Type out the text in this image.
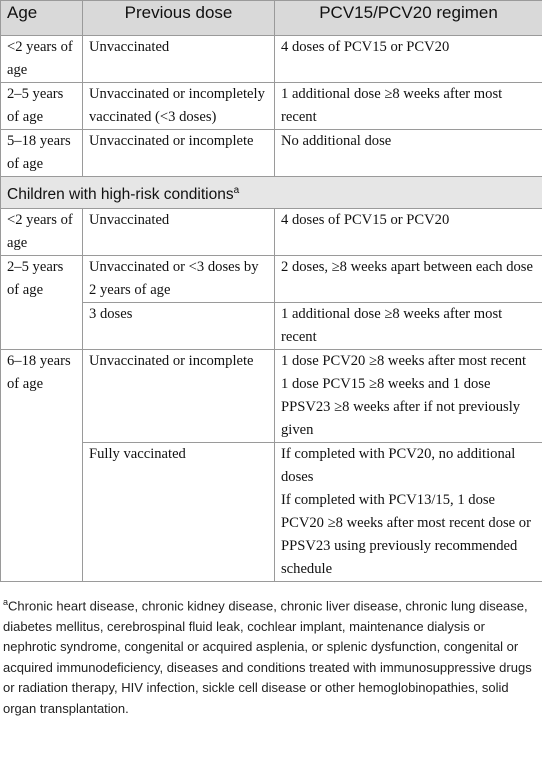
Age	Previous dose	PCV15/PCV20 regimen
<2 years of age	Unvaccinated	4 doses of PCV15 or PCV20
2–5 years of age	Unvaccinated or incompletely vaccinated (<3 doses)	1 additional dose ≥8 weeks after most recent
5–18 years of age	Unvaccinated or incomplete	No additional dose
Children with high-risk conditions$^a$
<2 years of age	Unvaccinated	4 doses of PCV15 or PCV20
2–5 years of age	Unvaccinated or <3 doses by 2 years of age	2 doses, ≥8 weeks apart between each dose
	3 doses	1 additional dose ≥8 weeks after most recent
6–18 years of age	Unvaccinated or incomplete	1 dose PCV20 ≥8 weeks after most recent
1 dose PCV15 ≥8 weeks and 1 dose PPSV23 ≥8 weeks after if not previously given

	Fully vaccinated	If completed with PCV20, no additional doses
If completed with PCV13/15, 1 dose PCV20 ≥8 weeks after most recent dose or PPSV23 using previously recommended schedule

$^a$Chronic heart disease, chronic kidney disease, chronic liver disease, chronic lung disease, diabetes mellitus, cerebrospinal fluid leak, cochlear implant, maintenance dialysis or nephrotic syndrome, congenital or acquired asplenia, or splenic dysfunction, congenital or acquired immunodeficiency, diseases and conditions treated with immunosuppressive drugs or radiation therapy, HIV infection, sickle cell disease or other hemoglobinopathies, solid organ transplantation.
